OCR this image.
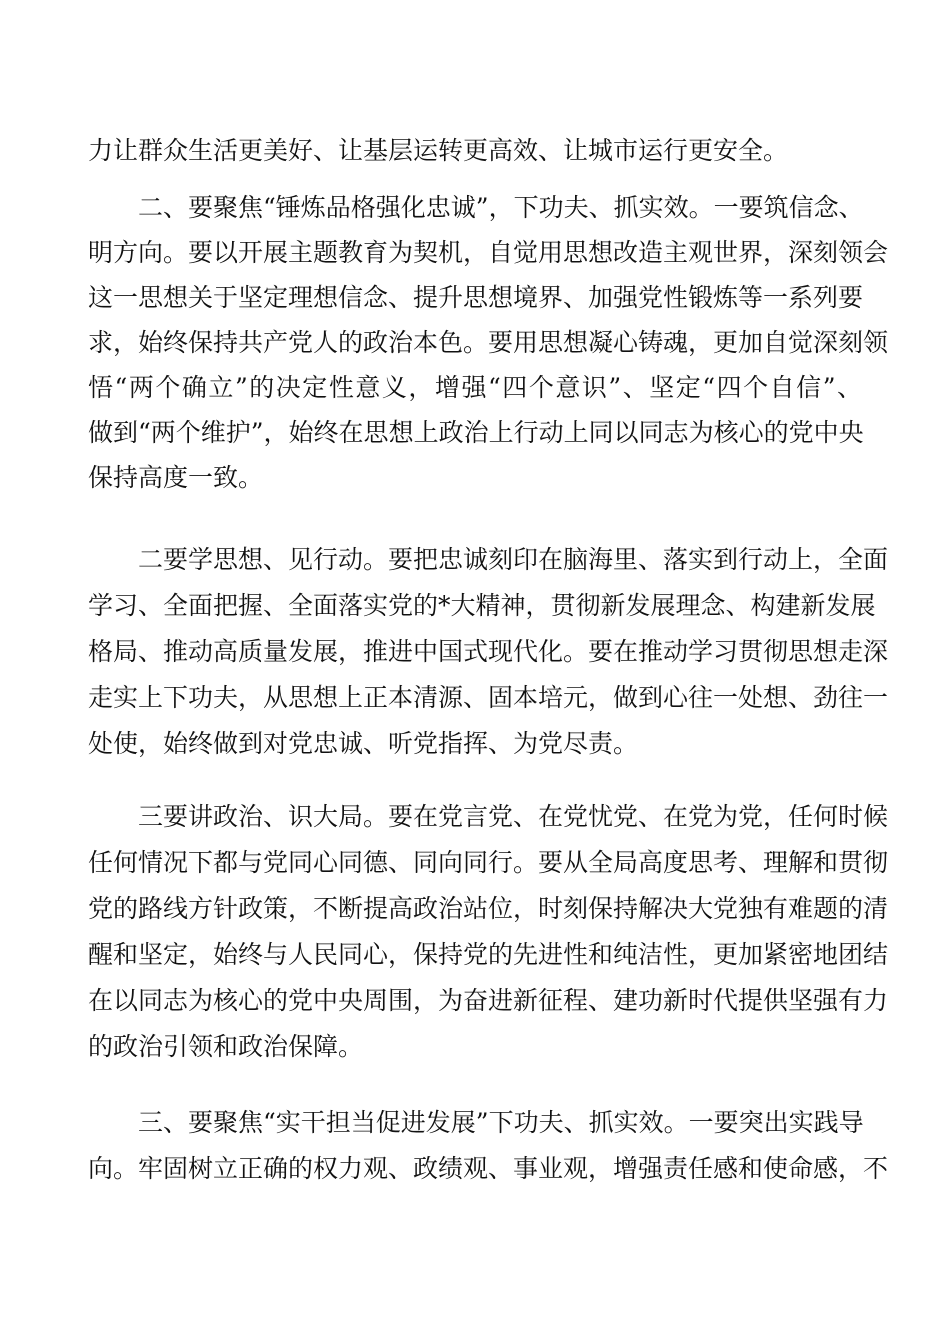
力让群众生活更美好、让基层运转更高效、让城市运行更安全。
二、要聚焦“锤炼品格强化忠诚”，下功夫、抓实效。一要筑信念、
明方向。要以开展主题教育为契机，自觉用思想改造主观世界，深刻领会
这一思想关于坚定理想信念、提升思想境界、加强党性锻炼等一系列要
求，始终保持共产党人的政治本色。要用思想凝心铸魂，更加自觉深刻领
悟“两个确立”的决定性意义，增强“四个意识”、坚定“四个自信”、
做到“两个维护”，始终在思想上政治上行动上同以同志为核心的党中央
保持高度一致。
二要学思想、见行动。要把忠诚刻印在脑海里、落实到行动上，全面
学习、全面把握、全面落实党的*大精神，贯彻新发展理念、构建新发展
格局、推动高质量发展，推进中国式现代化。要在推动学习贯彻思想走深
走实上下功夫，从思想上正本清源、固本培元，做到心往一处想、劲往一
处使，始终做到对党忠诚、听党指挥、为党尽责。
三要讲政治、识大局。要在党言党、在党忧党、在党为党，任何时候
任何情况下都与党同心同德、同向同行。要从全局高度思考、理解和贯彻
党的路线方针政策，不断提高政治站位，时刻保持解决大党独有难题的清
醒和坚定，始终与人民同心，保持党的先进性和纯洁性，更加紧密地团结
在以同志为核心的党中央周围，为奋进新征程、建功新时代提供坚强有力
的政治引领和政治保障。
三、要聚焦“实干担当促进发展”下功夫、抓实效。一要突出实践导
向。牢固树立正确的权力观、政绩观、事业观，增强责任感和使命感，不
